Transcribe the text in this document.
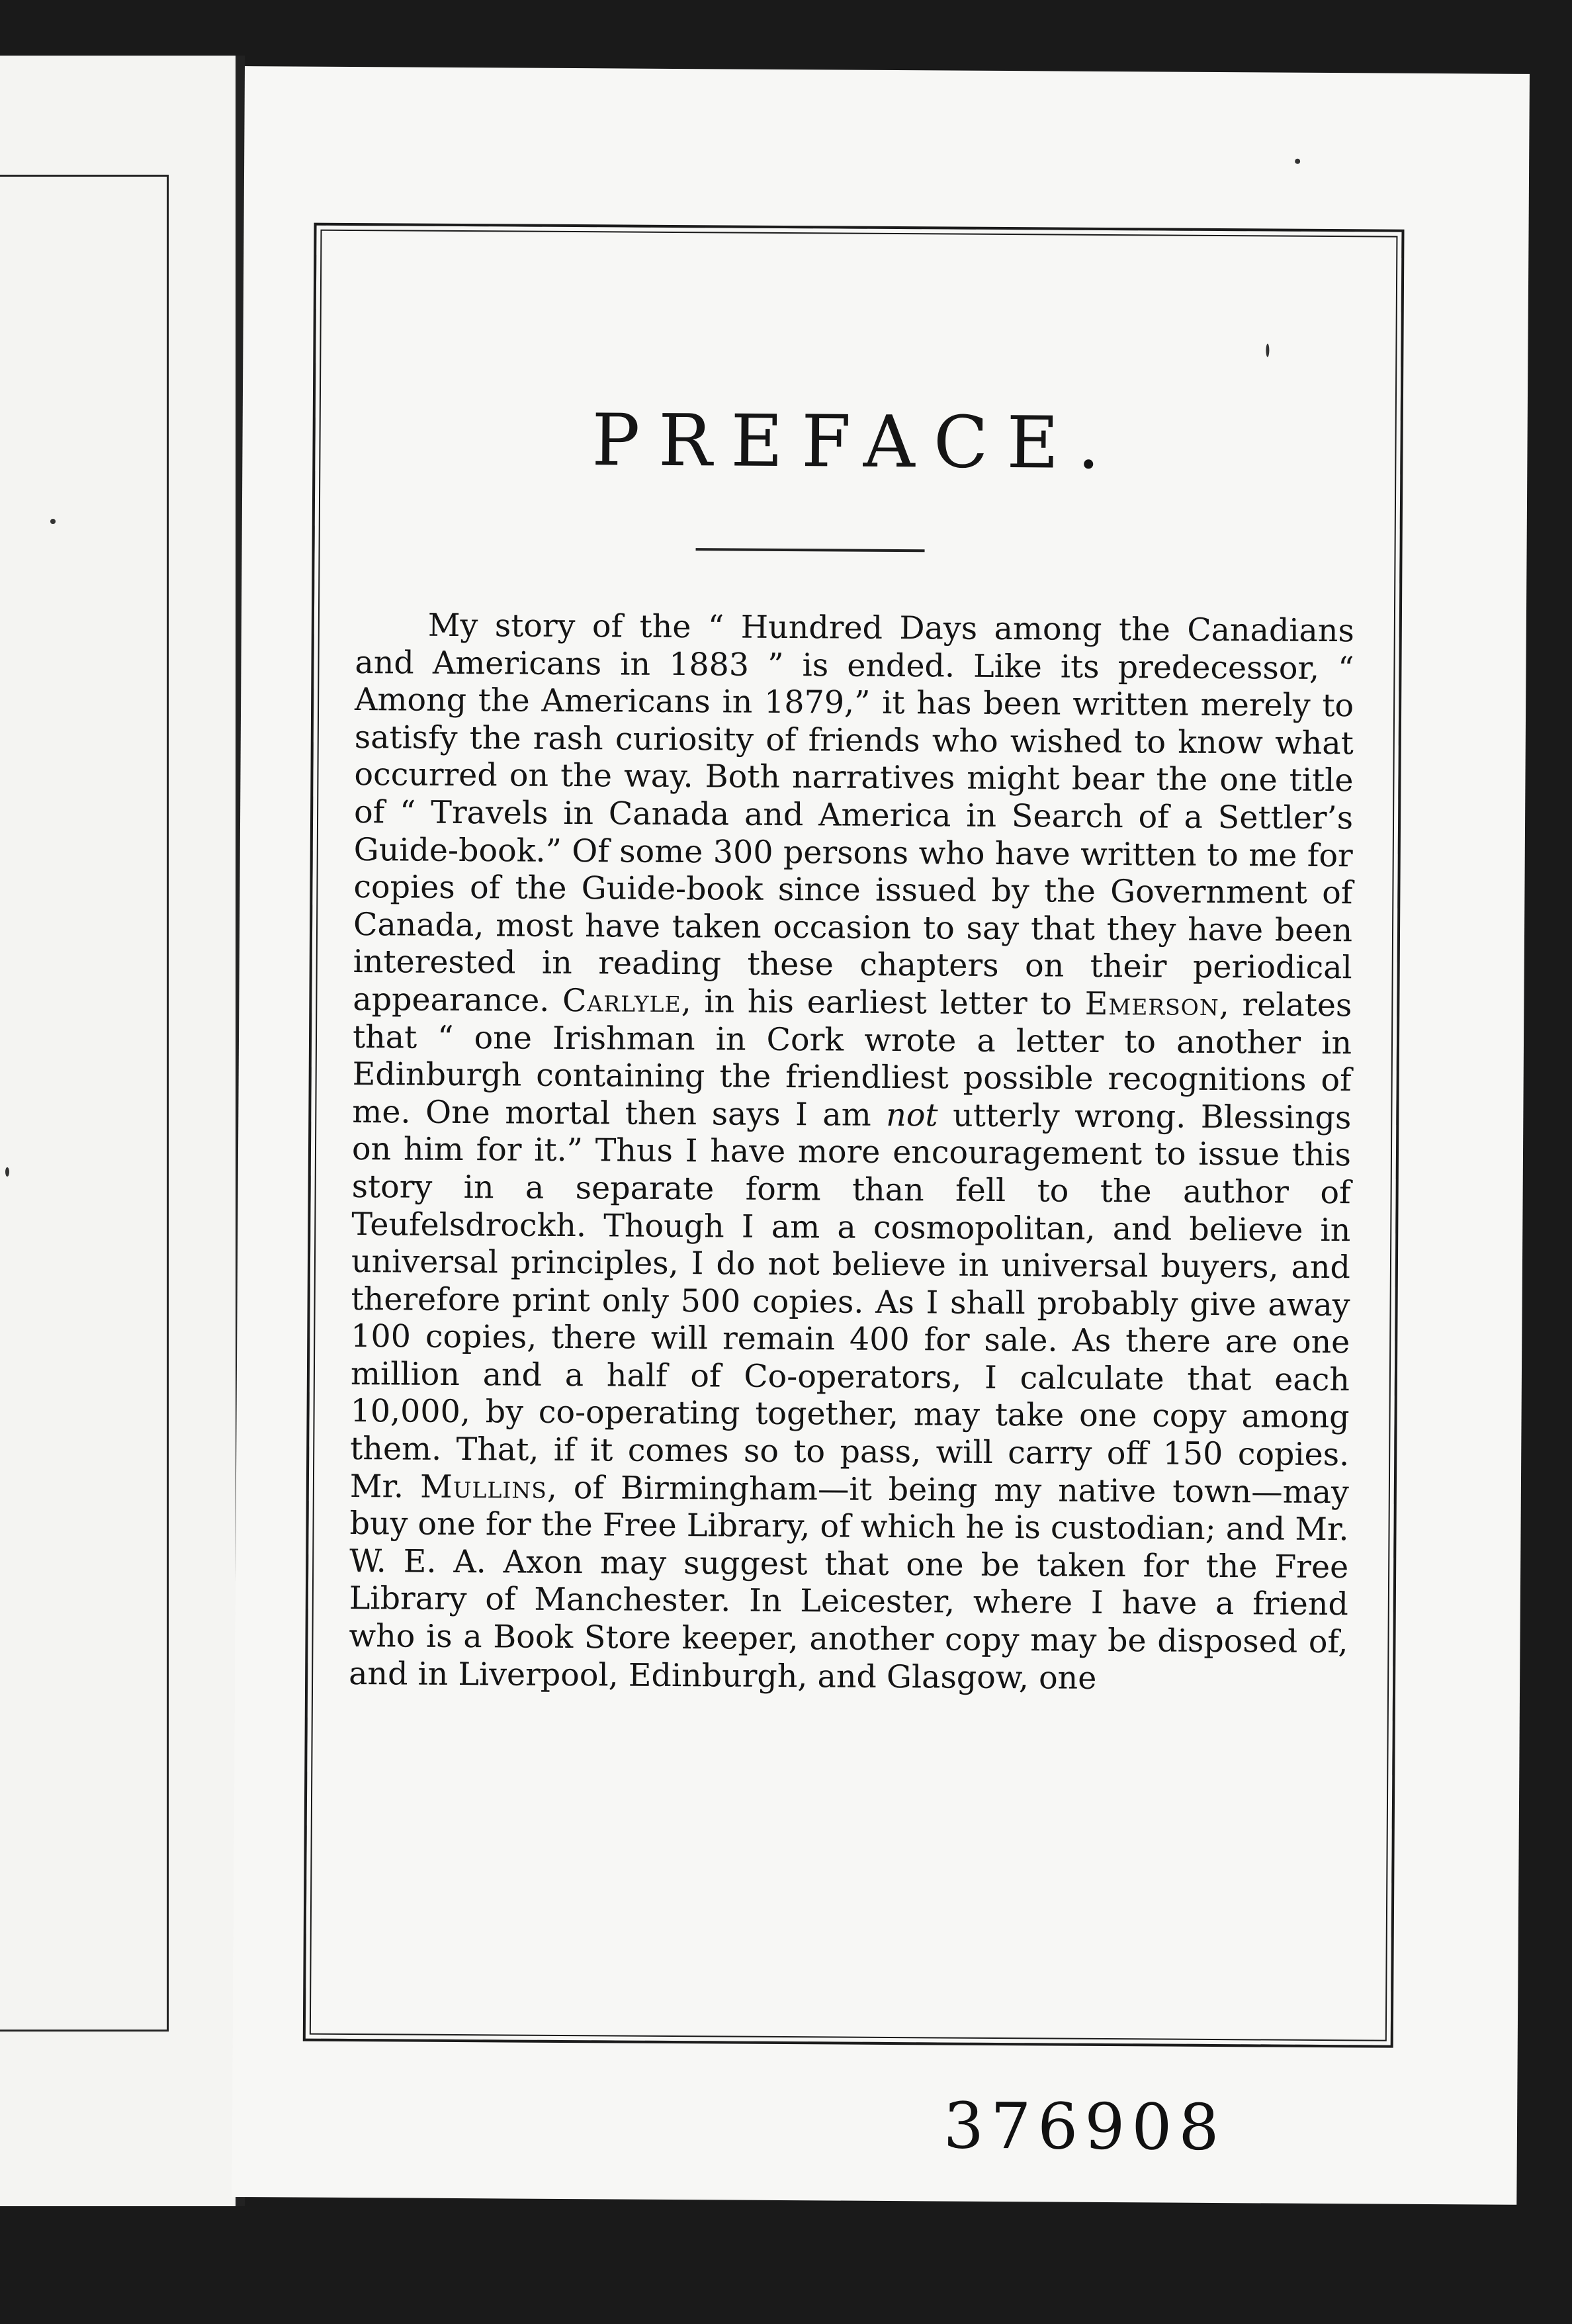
PREFACE.

My story of the “ Hundred Days among the Canadians and Americans in 1883 ” is ended. Like its predecessor, “ Among the Americans in 1879,” it has been written merely to satisfy the rash curiosity of friends who wished to know what occurred on the way. Both narratives might bear the one title of “ Travels in Canada and America in Search of a Settler’s Guide-book.” Of some 300 persons who have written to me for copies of the Guide-book since issued by the Government of Canada, most have taken occasion to say that they have been interested in reading these chapters on their periodical appearance. Carlyle, in his earliest letter to Emerson, relates that “ one Irishman in Cork wrote a letter to another in Edinburgh containing the friendliest possible recognitions of me. One mortal then says I am not utterly wrong. Blessings on him for it.” Thus I have more encouragement to issue this story in a separate form than fell to the author of Teufelsdrockh. Though I am a cosmopolitan, and believe in universal principles, I do not believe in universal buyers, and therefore print only 500 copies. As I shall probably give away 100 copies, there will remain 400 for sale. As there are one million and a half of Co-operators, I calculate that each 10,000, by co-operating together, may take one copy among them. That, if it comes so to pass, will carry off 150 copies. Mr. Mullins, of Birmingham—it being my native town—may buy one for the Free Library, of which he is custodian; and Mr. W. E. A. Axon may suggest that one be taken for the Free Library of Manchester. In Leicester, where I have a friend who is a Book Store keeper, another copy may be disposed of, and in Liverpool, Edinburgh, and Glasgow, one

376908
